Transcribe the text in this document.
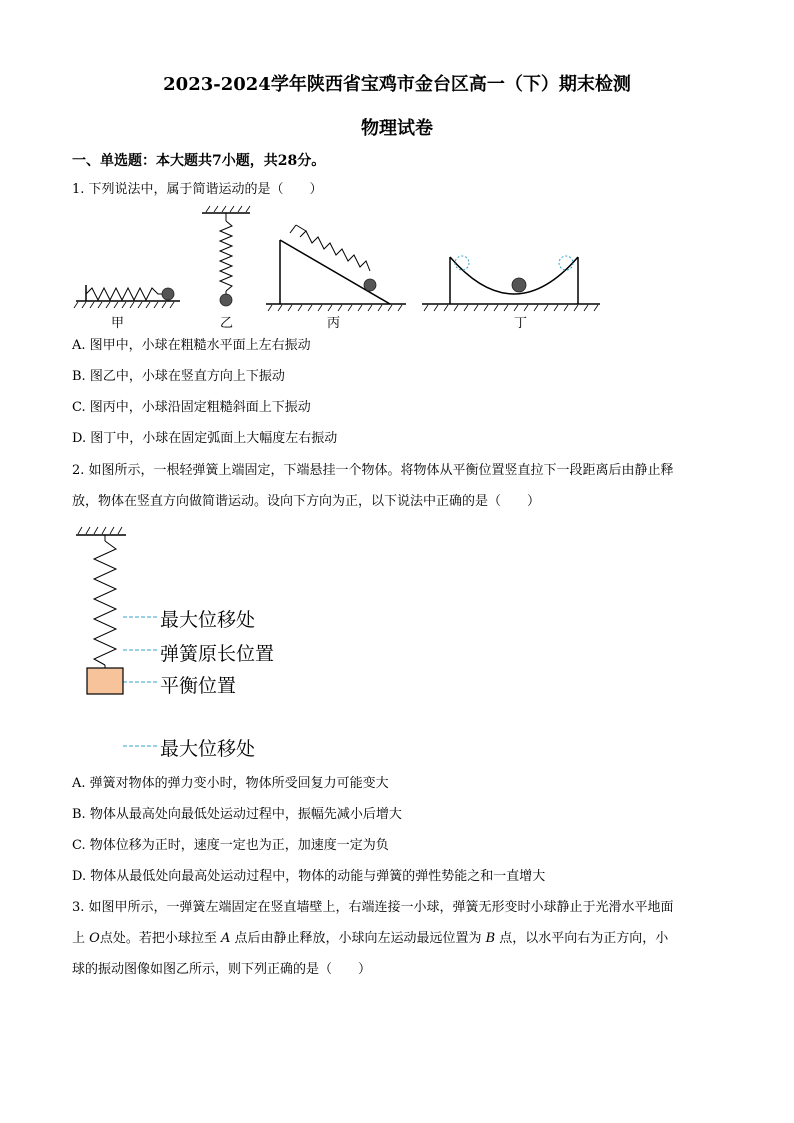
2023-2024学年陕西省宝鸡市金台区高一（下）期末检测
物理试卷
一、单选题：本大题共7小题，共28分。
1. 下列说法中，属于简谐运动的是（　　）
甲	乙	丙	丁
A. 图甲中，小球在粗糙水平面上左右振动
B. 图乙中，小球在竖直方向上下振动
C. 图丙中，小球沿固定粗糙斜面上下振动
D. 图丁中，小球在固定弧面上大幅度左右振动
2. 如图所示，一根轻弹簧上端固定，下端悬挂一个物体。将物体从平衡位置竖直拉下一段距离后由静止释
放，物体在竖直方向做简谐运动。设向下方向为正，以下说法中正确的是（　　）
最大位移处
弹簧原长位置
平衡位置
最大位移处
A. 弹簧对物体的弹力变小时，物体所受回复力可能变大
B. 物体从最高处向最低处运动过程中，振幅先减小后增大
C. 物体位移为正时，速度一定也为正，加速度一定为负
D. 物体从最低处向最高处运动过程中，物体的动能与弹簧的弹性势能之和一直增大
3. 如图甲所示，一弹簧左端固定在竖直墙壁上，右端连接一小球，弹簧无形变时小球静止于光滑水平地面
上 O点处。若把小球拉至 A 点后由静止释放，小球向左运动最远位置为 B 点，以水平向右为正方向，小
球的振动图像如图乙所示，则下列正确的是（　　）
